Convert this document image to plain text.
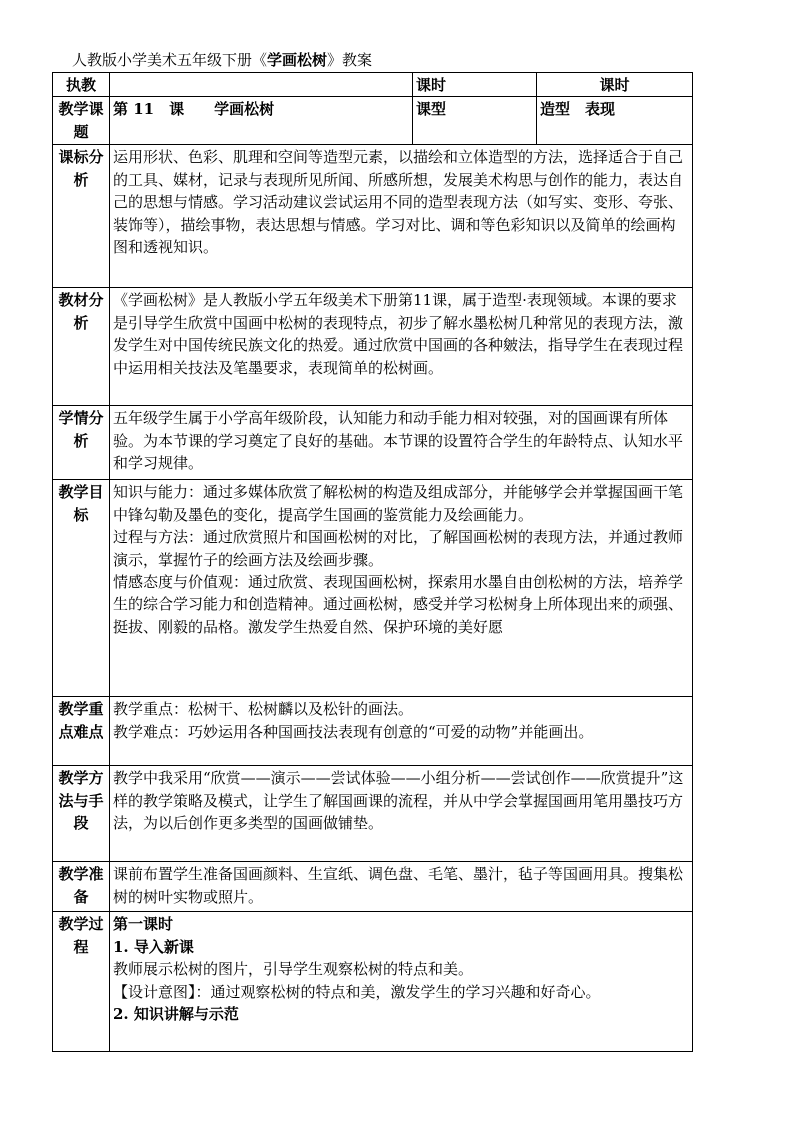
人教版小学美术五年级下册《学画松树》教案
执教		课时	课时
教学课题	第 11　课　　学画松树	课型	造型　表现
课标分析	运用形状、色彩、肌理和空间等造型元素，以描绘和立体造型的方法，选择适合于自己的工具、媒材，记录与表现所见所闻、所感所想，发展美术构思与创作的能力，表达自己的思想与情感。学习活动建议尝试运用不同的造型表现方法（如写实、变形、夸张、装饰等），描绘事物，表达思想与情感。学习对比、调和等色彩知识以及简单的绘画构图和透视知识。		

教材分析	《学画松树》是人教版小学五年级美术下册第11课，属于造型·表现领域。本课的要求是引导学生欣赏中国画中松树的表现特点，初步了解水墨松树几种常见的表现方法，激发学生对中国传统民族文化的热爱。通过欣赏中国画的各种皴法，指导学生在表现过程中运用相关技法及笔墨要求，表现简单的松树画。		

学情分析	五年级学生属于小学高年级阶段，认知能力和动手能力相对较强，对的国画课有所体验。为本节课的学习奠定了良好的基础。本节课的设置符合学生的年龄特点、认知水平和学习规律。		

教学目标	知识与能力：通过多媒体欣赏了解松树的构造及组成部分，并能够学会并掌握国画干笔中锋勾勒及墨色的变化，提高学生国画的鉴赏能力及绘画能力。

过程与方法：通过欣赏照片和国画松树的对比，了解国画松树的表现方法，并通过教师演示，掌握竹子的绘画方法及绘画步骤。

情感态度与价值观：通过欣赏、表现国画松树，探索用水墨自由创松树的方法，培养学生的综合学习能力和创造精神。通过画松树，感受并学习松树身上所体现出来的顽强、挺拔、刚毅的品格。激发学生热爱自然、保护环境的美好愿		

教学重点难点	教学重点：松树干、松树麟以及松针的画法。

教学难点：巧妙运用各种国画技法表现有创意的“可爱的动物”并能画出。		

教学方法与手段	教学中我采用“欣赏——演示——尝试体验——小组分析——尝试创作——欣赏提升”这样的教学策略及模式，让学生了解国画课的流程，并从中学会掌握国画用笔用墨技巧方法，为以后创作更多类型的国画做铺垫。		

教学准备	课前布置学生准备国画颜料、生宣纸、调色盘、毛笔、墨汁，毡子等国画用具。搜集松树的树叶实物或照片。		

教学过程	第一课时

1. 导入新课

教师展示松树的图片，引导学生观察松树的特点和美。

【设计意图】：通过观察松树的特点和美，激发学生的学习兴趣和好奇心。

2. 知识讲解与示范		
